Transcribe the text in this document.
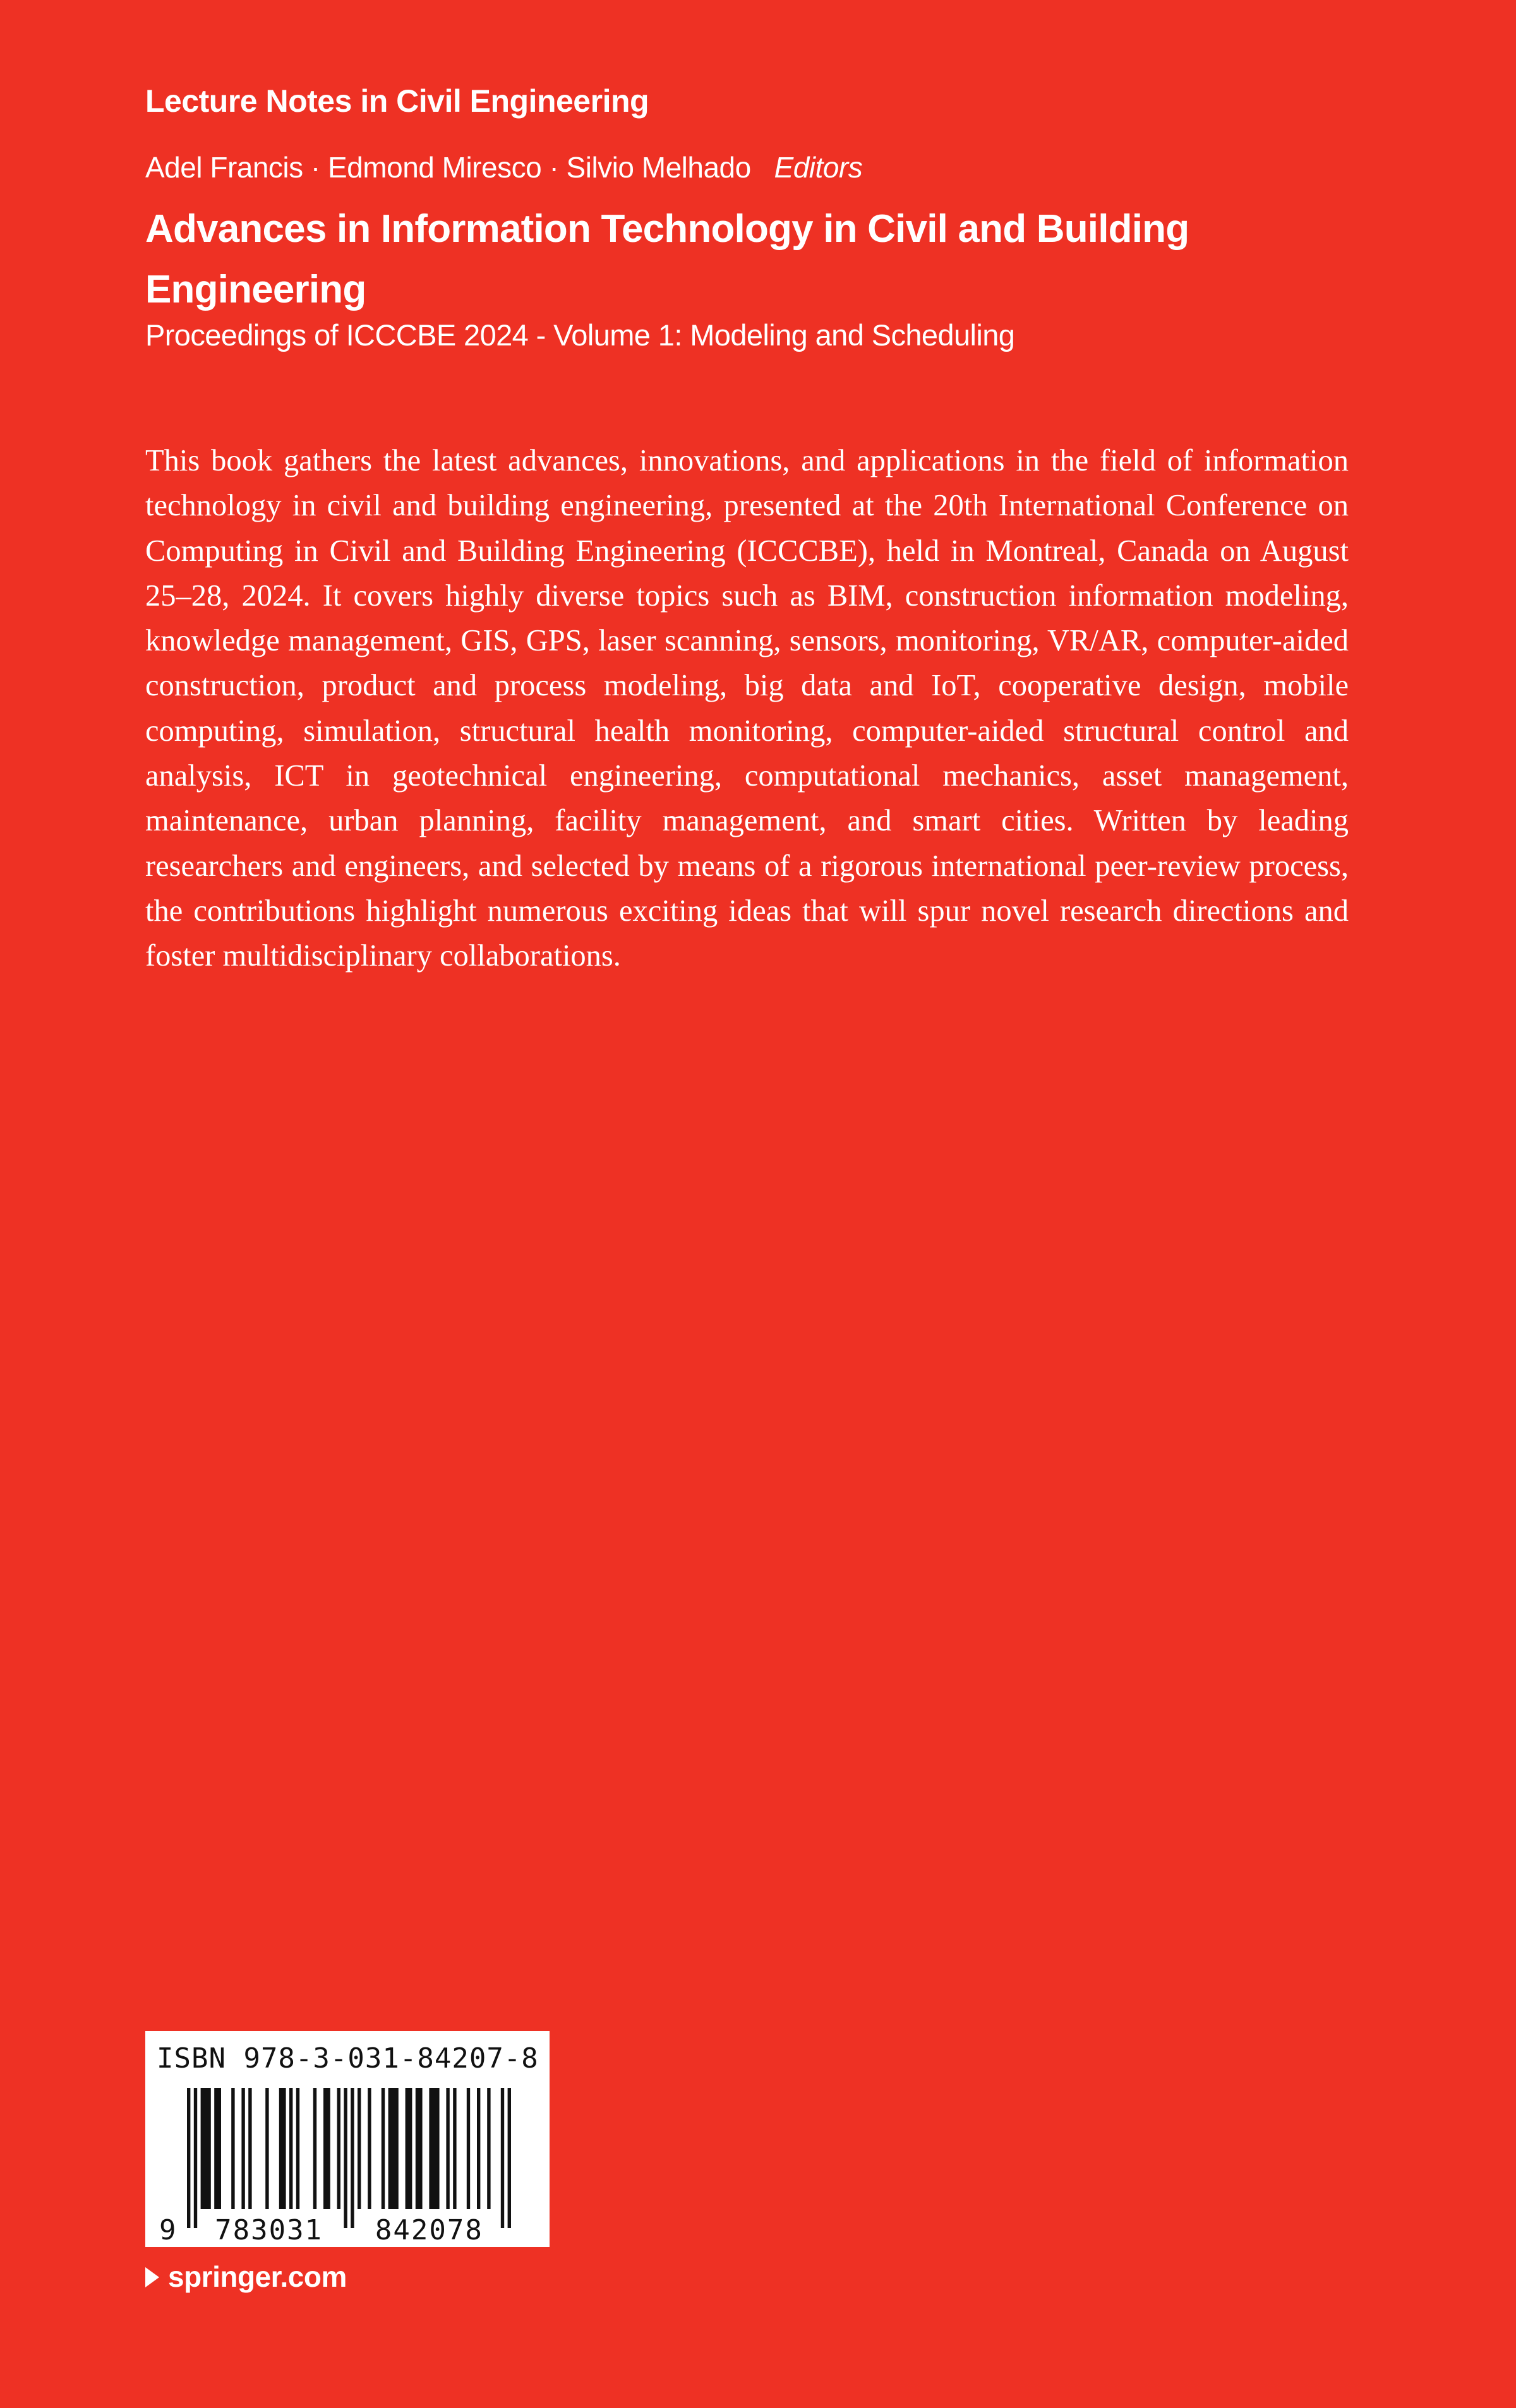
Lecture Notes in Civil Engineering
Adel Francis · Edmond Miresco · Silvio Melhado Editors
Advances in Information Technology in Civil and Building Engineering
Proceedings of ICCCBE 2024 - Volume 1: Modeling and Scheduling

This book gathers the latest advances, innovations, and applications in the field of information technology in civil and building engineering, presented at the 20th International Conference on Computing in Civil and Building Engineering (ICCCBE), held in Montreal, Canada on August 25–28, 2024. It covers highly diverse topics such as BIM, construction information modeling, knowledge management, GIS, GPS, laser scanning, sensors, monitoring, VR/AR, computer-aided construction, product and process modeling, big data and IoT, cooperative design, mobile computing, simulation, structural health monitoring, computer-aided structural control and analysis, ICT in geotechnical engineering, computational mechanics, asset management, maintenance, urban planning, facility management, and smart cities. Written by leading researchers and engineers, and selected by means of a rigorous international peer-review process, the contributions highlight numerous exciting ideas that will spur novel research directions and foster multidisciplinary collaborations.

9 783031 842078
ISBN 978-3-031-84207-8
springer.com
